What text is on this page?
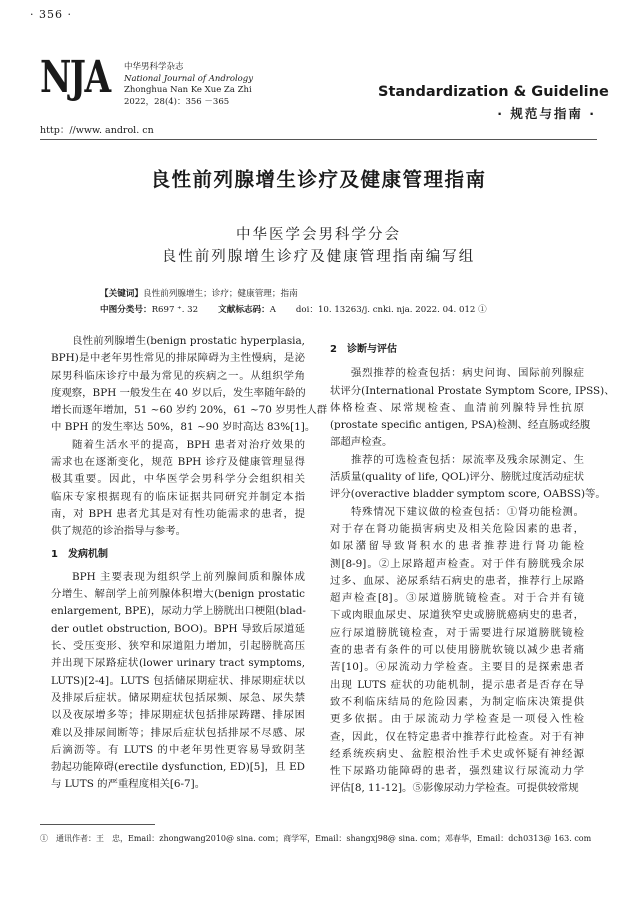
· 356 ·
NJA 中华男科学杂志
National Journal of Andrology
Zhonghua Nan Ke Xue Za Zhi
2022，28(4)：356 －365
http：//www. androl. cn
Standardization & Guideline
· 规范与指南 ·
良性前列腺增生诊疗及健康管理指南
中华医学会男科学分会
良性前列腺增生诊疗及健康管理指南编写组
【关键词】良性前列腺增生；诊疗；健康管理；指南
中图分类号：R697 ⁺. 32 文献标志码：A doi：10. 13263/j. cnki. nja. 2022. 04. 012 ①
良性前列腺增生(benign prostatic hyperplasia,
BPH)是中老年男性常见的排尿障碍为主性慢病，是泌
尿男科临床诊疗中最为常见的疾病之一。从组织学角
度观察，BPH 一般发生在 40 岁以后，发生率随年龄的
增长而逐年增加，51 ~60 岁约 20%，61 ~70 岁男性人群
中 BPH 的发生率达 50%，81 ~90 岁时高达 83%[1]。
随着生活水平的提高，BPH 患者对治疗效果的
需求也在逐渐变化，规范 BPH 诊疗及健康管理显得
极其重要。因此，中华医学会男科学分会组织相关
临床专家根据现有的临床证据共同研究并制定本指
南，对 BPH 患者尤其是对有性功能需求的患者，提
供了规范的诊治指导与参考。
1　发病机制
BPH 主要表现为组织学上前列腺间质和腺体成
分增生、解剖学上前列腺体积增大(benign prostatic
enlargement, BPE)，尿动力学上膀胱出口梗阻(blad-
der outlet obstruction, BOO)。BPH 导致后尿道延
长、受压变形、狭窄和尿道阻力增加，引起膀胱高压
并出现下尿路症状(lower urinary tract symptoms,
LUTS)[2-4]。LUTS 包括储尿期症状、排尿期症状以
及排尿后症状。储尿期症状包括尿频、尿急、尿失禁
以及夜尿增多等；排尿期症状包括排尿踌躇、排尿困
难以及排尿间断等；排尿后症状包括排尿不尽感、尿
后滴沥等。有 LUTS 的中老年男性更容易导致阴茎
勃起功能障碍(erectile dysfunction, ED)[5]，且 ED
与 LUTS 的严重程度相关[6-7]。
2　诊断与评估
强烈推荐的检查包括：病史问询、国际前列腺症
状评分(International Prostate Symptom Score, IPSS)、
体格检查、尿常规检查、血清前列腺特异性抗原
(prostate specific antigen, PSA)检测、经直肠或经腹
部超声检查。
推荐的可选检查包括：尿流率及残余尿测定、生
活质量(quality of life, QOL)评分、膀胱过度活动症状
评分(overactive bladder symptom score, OABSS)等。
特殊情况下建议做的检查包括：①肾功能检测。
对于存在肾功能损害病史及相关危险因素的患者，
如尿潴留导致肾积水的患者推荐进行肾功能检
测[8-9]。②上尿路超声检查。对于伴有膀胱残余尿
过多、血尿、泌尿系结石病史的患者，推荐行上尿路
超声检查[8]。③尿道膀胱镜检查。对于合并有镜
下或肉眼血尿史、尿道狭窄史或膀胱癌病史的患者，
应行尿道膀胱镜检查，对于需要进行尿道膀胱镜检
查的患者有条件的可以使用膀胱软镜以减少患者痛
苦[10]。④尿流动力学检查。主要目的是探索患者
出现 LUTS 症状的功能机制，提示患者是否存在导
致不利临床结局的危险因素，为制定临床决策提供
更多依据。由于尿流动力学检查是一项侵入性检
查，因此，仅在特定患者中推荐行此检查。对于有神
经系统疾病史、盆腔根治性手术史或怀疑有神经源
性下尿路功能障碍的患者，强烈建议行尿流动力学
评估[8, 11-12]。⑤影像尿动力学检查。可提供较常规
①　通讯作者：王　忠，Email：zhongwang2010@ sina. com；商学军，Email：shangxj98@ sina. com；邓春华，Email：dch0313@ 163. com
